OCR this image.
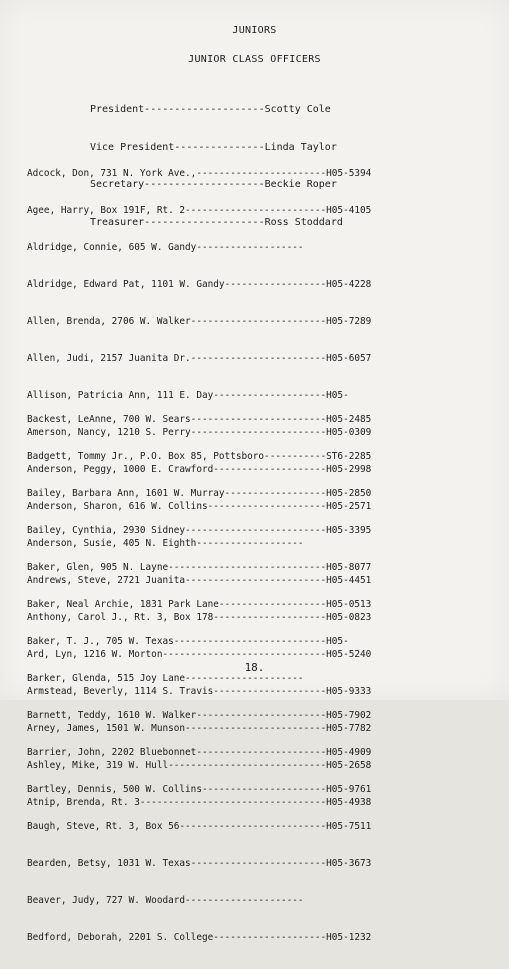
JUNIORS
JUNIOR CLASS OFFICERS

President--------------------Scotty Cole

Vice President---------------Linda Taylor

Secretary--------------------Beckie Roper

Treasurer--------------------Ross Stoddard

Adcock, Don, 731 N. York Ave.,-----------------------H05-5394

Agee, Harry, Box 191F, Rt. 2-------------------------H05-4105

Aldridge, Connie, 605 W. Gandy-------------------

Aldridge, Edward Pat, 1101 W. Gandy------------------H05-4228

Allen, Brenda, 2706 W. Walker------------------------H05-7289

Allen, Judi, 2157 Juanita Dr.------------------------H05-6057

Allison, Patricia Ann, 111 E. Day--------------------H05-

Amerson, Nancy, 1210 S. Perry------------------------H05-0309

Anderson, Peggy, 1000 E. Crawford--------------------H05-2998

Anderson, Sharon, 616 W. Collins---------------------H05-2571

Anderson, Susie, 405 N. Eighth-------------------

Andrews, Steve, 2721 Juanita-------------------------H05-4451

Anthony, Carol J., Rt. 3, Box 178--------------------H05-0823

Ard, Lyn, 1216 W. Morton-----------------------------H05-5240

Armstead, Beverly, 1114 S. Travis--------------------H05-9333

Arney, James, 1501 W. Munson-------------------------H05-7782

Ashley, Mike, 319 W. Hull----------------------------H05-2658

Atnip, Brenda, Rt. 3---------------------------------H05-4938

Backest, LeAnne, 700 W. Sears------------------------H05-2485

Badgett, Tommy Jr., P.O. Box 85, Pottsboro-----------ST6-2285

Bailey, Barbara Ann, 1601 W. Murray------------------H05-2850

Bailey, Cynthia, 2930 Sidney-------------------------H05-3395

Baker, Glen, 905 N. Layne----------------------------H05-8077

Baker, Neal Archie, 1831 Park Lane-------------------H05-0513

Baker, T. J., 705 W. Texas---------------------------H05-

Barker, Glenda, 515 Joy Lane---------------------

Barnett, Teddy, 1610 W. Walker-----------------------H05-7902

Barrier, John, 2202 Bluebonnet-----------------------H05-4909

Bartley, Dennis, 500 W. Collins----------------------H05-9761

Baugh, Steve, Rt. 3, Box 56--------------------------H05-7511

Bearden, Betsy, 1031 W. Texas------------------------H05-3673

Beaver, Judy, 727 W. Woodard---------------------

Bedford, Deborah, 2201 S. College--------------------H05-1232

18.
